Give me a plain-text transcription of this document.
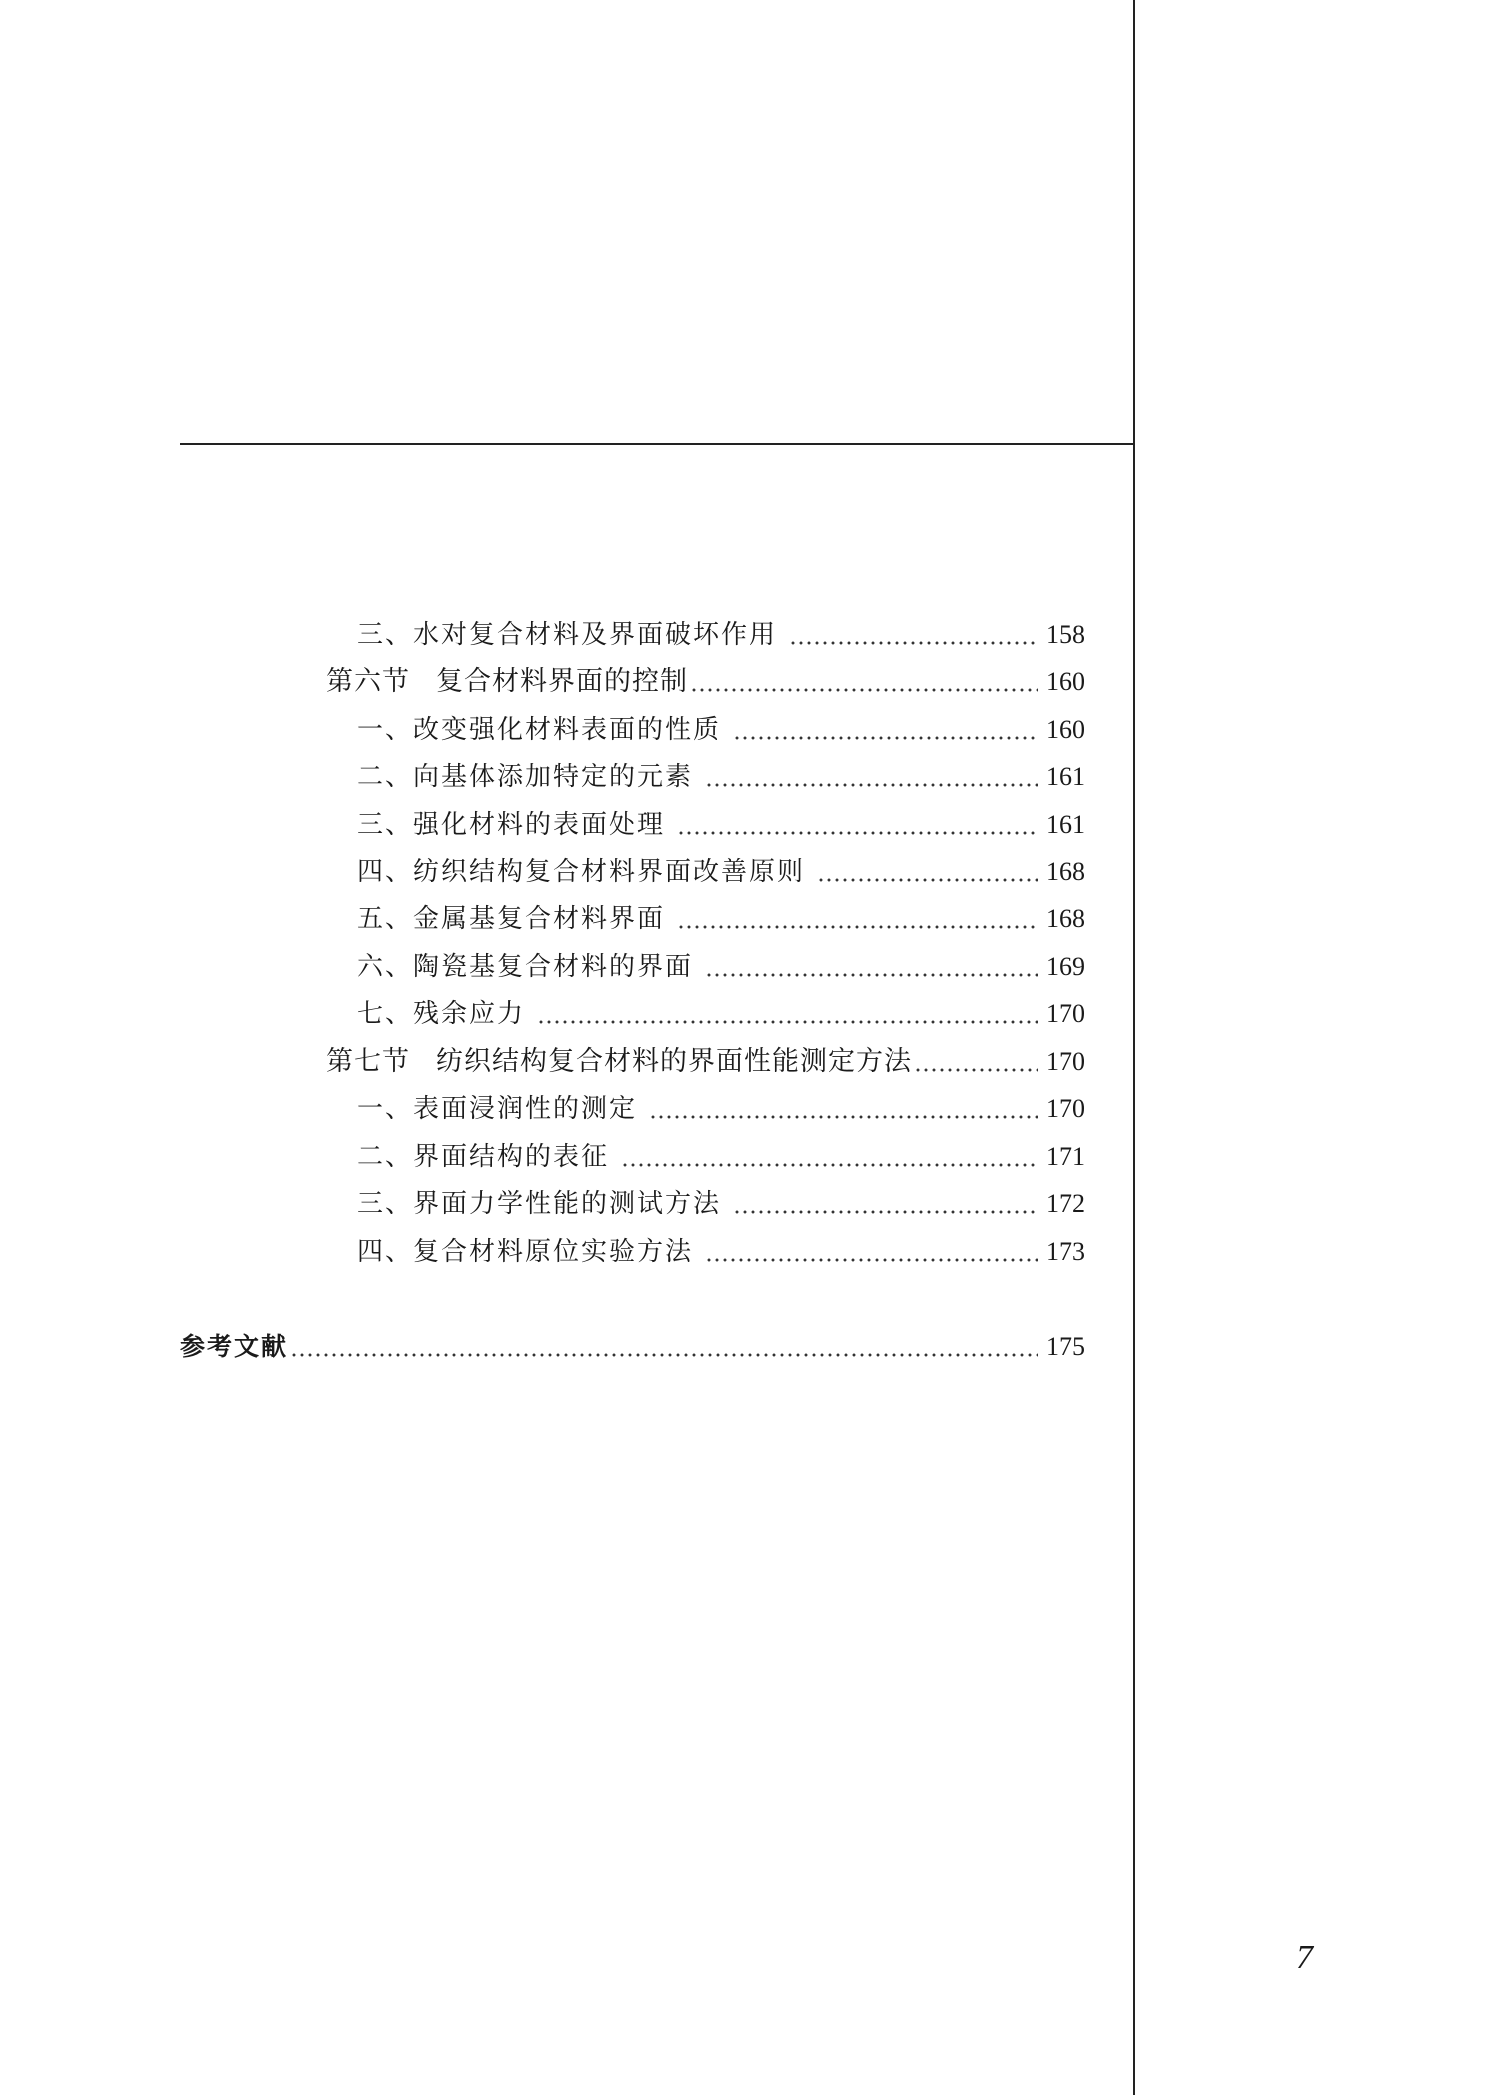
三、水对复合材料及界面破坏作用	158
第六节 复合材料界面的控制	160
一、改变强化材料表面的性质	160
二、向基体添加特定的元素	161
三、强化材料的表面处理	161
四、纺织结构复合材料界面改善原则	168
五、金属基复合材料界面	168
六、陶瓷基复合材料的界面	169
七、残余应力	170
第七节 纺织结构复合材料的界面性能测定方法	170
一、表面浸润性的测定	170
二、界面结构的表征	171
三、界面力学性能的测试方法	172
四、复合材料原位实验方法	173
参考文献	175
7
